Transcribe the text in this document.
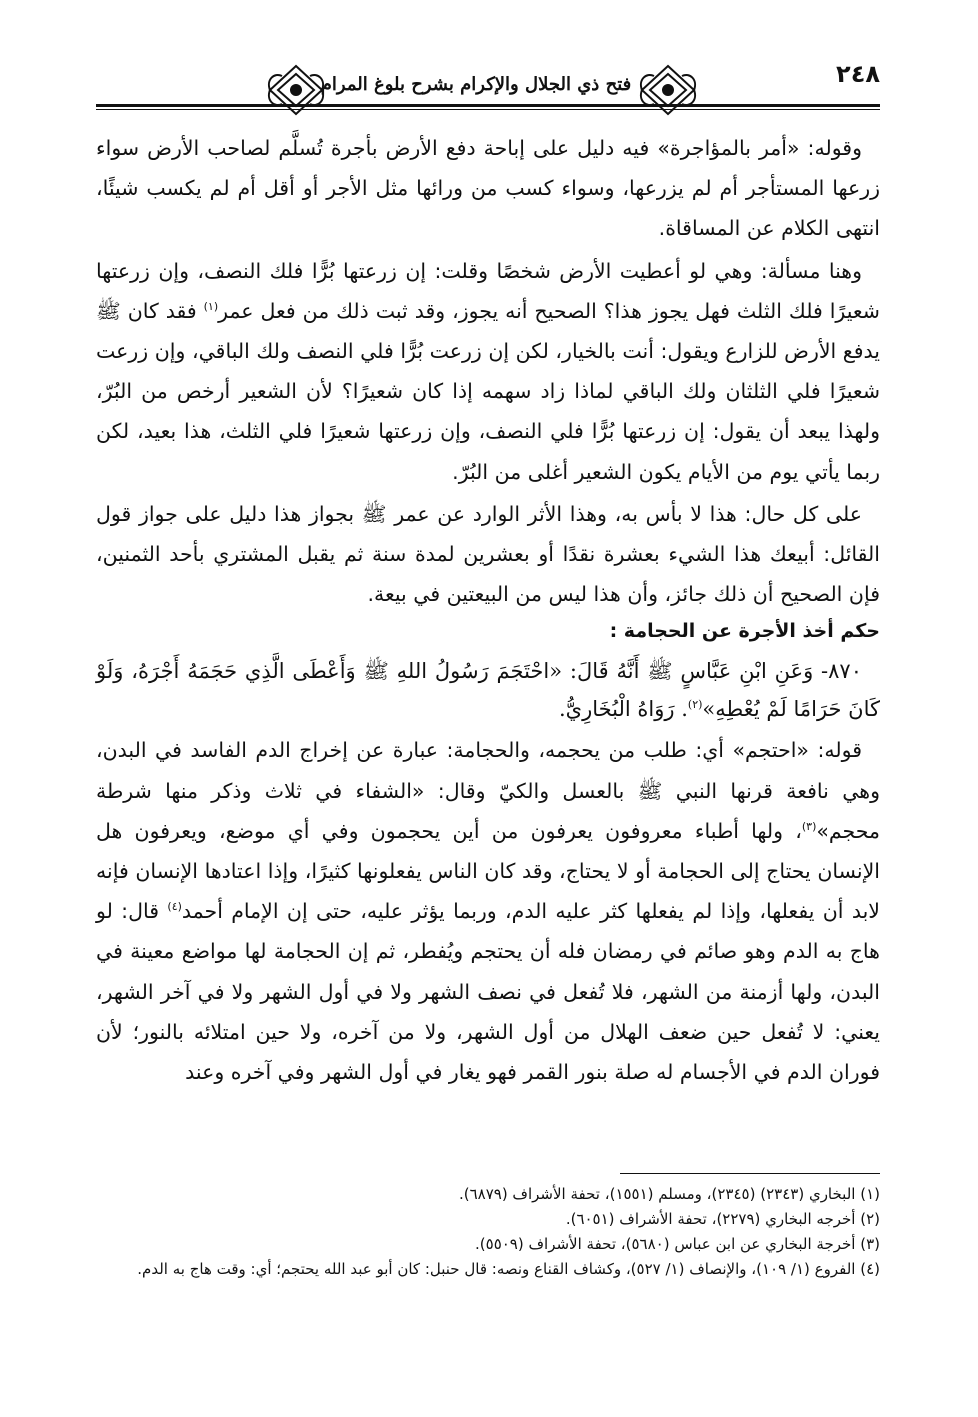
٢٤٨
فتح ذي الجلال والإكرام بشرح بلوغ المرام

وقوله: «أمر بالمؤاجرة» فيه دليل على إباحة دفع الأرض بأجرة تُسلَّم لصاحب الأرض سواء زرعها المستأجر أم لم يزرعها، وسواء كسب من ورائها مثل الأجر أو أقل أم لم يكسب شيئًا، انتهى الكلام عن المساقاة.

وهنا مسألة: وهي لو أعطيت الأرض شخصًا وقلت: إن زرعتها بُرًّا فلك النصف، وإن زرعتها شعيرًا فلك الثلث فهل يجوز هذا؟ الصحيح أنه يجوز، وقد ثبت ذلك من فعل عمر$^{(١)}$ فقد كان ﷺ يدفع الأرض للزارع ويقول: أنت بالخيار، لكن إن زرعت بُرًّا فلي النصف ولك الباقي، وإن زرعت شعيرًا فلي الثلثان ولك الباقي لماذا زاد سهمه إذا كان شعيرًا؟ لأن الشعير أرخص من البُرّ، ولهذا يبعد أن يقول: إن زرعتها بُرًّا فلي النصف، وإن زرعتها شعيرًا فلي الثلث، هذا بعيد، لكن ربما يأتي يوم من الأيام يكون الشعير أغلى من البُرّ.

على كل حال: هذا لا بأس به، وهذا الأثر الوارد عن عمر ﷺ بجواز هذا دليل على جواز قول القائل: أبيعك هذا الشيء بعشرة نقدًا أو بعشرين لمدة سنة ثم يقبل المشتري بأحد الثمنين، فإن الصحيح أن ذلك جائز، وأن هذا ليس من البيعتين في بيعة.

حكم أخذ الأجرة عن الحجامة :

٨٧٠- وَعَنِ ابْنِ عَبَّاسٍ ﷺ أَنَّهُ قَالَ: «احْتَجَمَ رَسُولُ اللهِ ﷺ وَأَعْطَى الَّذِي حَجَمَهُ أَجْرَهُ، وَلَوْ كَانَ حَرَامًا لَمْ يُعْطِهِ»$^{(٢)}$. رَوَاهُ الْبُخَارِيُّ.

قوله: «احتجم» أي: طلب من يحجمه، والحجامة: عبارة عن إخراج الدم الفاسد في البدن، وهي نافعة قرنها النبي ﷺ بالعسل والكيّ وقال: «الشفاء في ثلاث وذكر منها شرطة محجم»$^{(٣)}$، ولها أطباء معروفون يعرفون من أين يحجمون وفي أي موضع، ويعرفون هل الإنسان يحتاج إلى الحجامة أو لا يحتاج، وقد كان الناس يفعلونها كثيرًا، وإذا اعتادها الإنسان فإنه لابد أن يفعلها، وإذا لم يفعلها كثر عليه الدم، وربما يؤثر عليه، حتى إن الإمام أحمد$^{(٤)}$ قال: لو هاج به الدم وهو صائم في رمضان فله أن يحتجم ويُفطر، ثم إن الحجامة لها مواضع معينة في البدن، ولها أزمنة من الشهر، فلا تُفعل في نصف الشهر ولا في أول الشهر ولا في آخر الشهر، يعني: لا تُفعل حين ضعف الهلال من أول الشهر، ولا من آخره، ولا حين امتلائه بالنور؛ لأن فوران الدم في الأجسام له صلة بنور القمر فهو يغار في أول الشهر وفي آخره وعند

(١) البخاري (٢٣٤٣) (٢٣٤٥)، ومسلم (١٥٥١)، تحفة الأشراف (٦٨٧٩).
(٢) أخرجه البخاري (٢٢٧٩)، تحفة الأشراف (٦٠٥١).
(٣) أخرجة البخاري عن ابن عباس (٥٦٨٠)، تحفة الأشراف (٥٥٠٩).
(٤) الفروع (١/ ١٠٩)، والإنصاف (١/ ٥٢٧)، وكشاف القناع ونصه: قال حنبل: كان أبو عبد الله يحتجم؛ أي: وقت هاج به الدم.
